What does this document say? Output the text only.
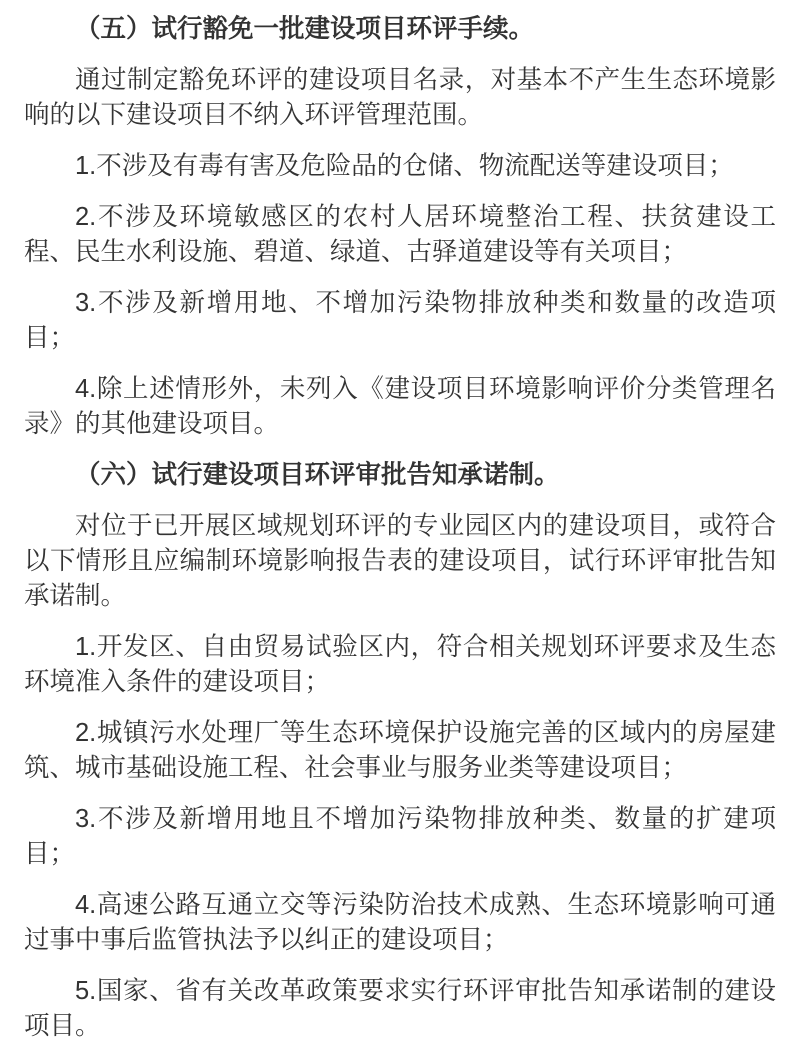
（五）试行豁免一批建设项目环评手续。

通过制定豁免环评的建设项目名录，对基本不产生生态环境影响的以下建设项目不纳入环评管理范围。

1.不涉及有毒有害及危险品的仓储、物流配送等建设项目；

2.不涉及环境敏感区的农村人居环境整治工程、扶贫建设工程、民生水利设施、碧道、绿道、古驿道建设等有关项目；

3.不涉及新增用地、不增加污染物排放种类和数量的改造项目；

4.除上述情形外，未列入《建设项目环境影响评价分类管理名录》的其他建设项目。

（六）试行建设项目环评审批告知承诺制。

对位于已开展区域规划环评的专业园区内的建设项目，或符合以下情形且应编制环境影响报告表的建设项目，试行环评审批告知承诺制。

1.开发区、自由贸易试验区内，符合相关规划环评要求及生态环境准入条件的建设项目；

2.城镇污水处理厂等生态环境保护设施完善的区域内的房屋建筑、城市基础设施工程、社会事业与服务业类等建设项目；

3.不涉及新增用地且不增加污染物排放种类、数量的扩建项目；

4.高速公路互通立交等污染防治技术成熟、生态环境影响可通过事中事后监管执法予以纠正的建设项目；

5.国家、省有关改革政策要求实行环评审批告知承诺制的建设项目。
